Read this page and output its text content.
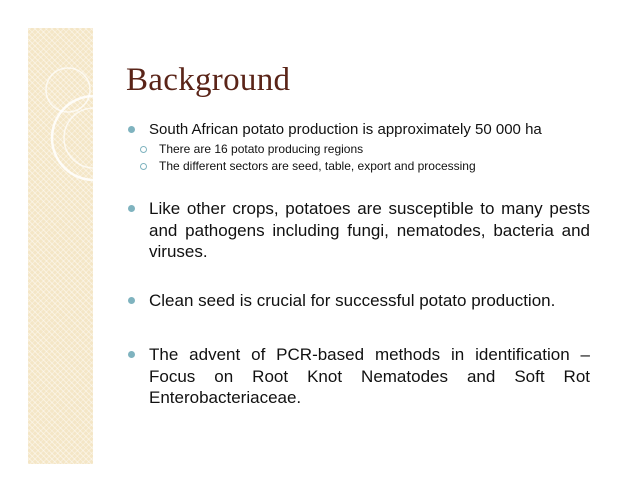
Background
South African potato production is approximately 50 000 ha
There are 16 potato producing regions
The different sectors are seed, table, export and processing
Like other crops, potatoes are susceptible to many pests and pathogens including fungi, nematodes, bacteria and viruses.
Clean seed is crucial for successful potato production.
The advent of PCR-based methods in identification – Focus on Root Knot Nematodes and Soft Rot Enterobacteriaceae.
